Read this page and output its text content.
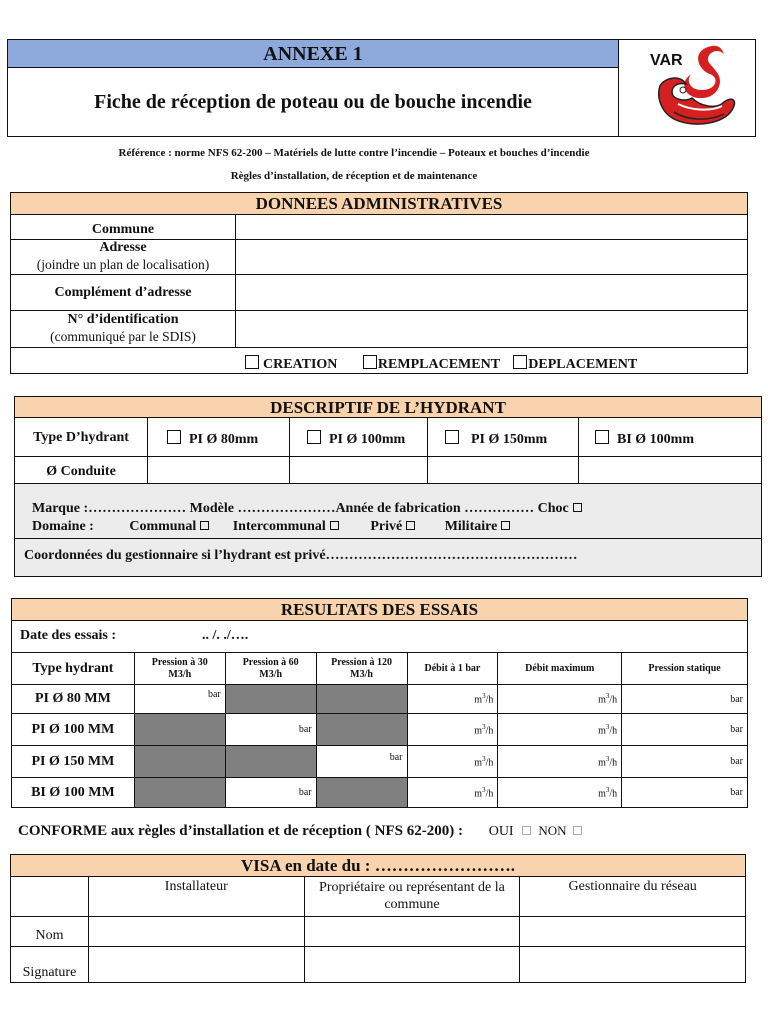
ANNEXE 1
Fiche de réception de poteau ou de bouche incendie
VAR
Référence : norme NFS 62-200 – Matériels de lutte contre l’incendie – Poteaux et bouches d’incendie
Règles d’installation, de réception et de maintenance
DONNEES ADMINISTRATIVES
Commune
Adresse
(joindre un plan de localisation)
Complément d’adresse
N° d’identification
(communiqué par le SDIS)
CREATION	REMPLACEMENT DEPLACEMENT
DESCRIPTIF DE L’HYDRANT
Type D’hydrant	PI Ø 80mm	PI Ø 100mm	PI Ø 150mm	BI Ø 100mm
Ø Conduite
Marque :………………… Modèle …………………Année de fabrication …………… Choc
Domaine :	Communal	Intercommunal	Privé	Militaire
Coordonnées du gestionnaire si l’hydrant est privé………………………………………………
RESULTATS DES ESSAIS
Date des essais :	.. /. ./….
Type hydrant	Pression à 30 M3/h	Pression à 60 M3/h	Pression à 120 M3/h	Débit à 1 bar	Débit maximum	Pression statique
PI Ø 80 MM	bar			$m^3/h$	$m^3/h$	bar
PI Ø 100 MM		bar		$m^3/h$	$m^3/h$	bar
PI Ø 150 MM			bar	$m^3/h$	$m^3/h$	bar
BI Ø 100 MM		bar		$m^3/h$	$m^3/h$	bar
CONFORME aux règles d’installation et de réception ( NFS 62-200) : OUI NON
VISA en date du : …………………….
	Installateur	Propriétaire ou représentant de la commune	Gestionnaire du réseau
Nom			
Signature			
